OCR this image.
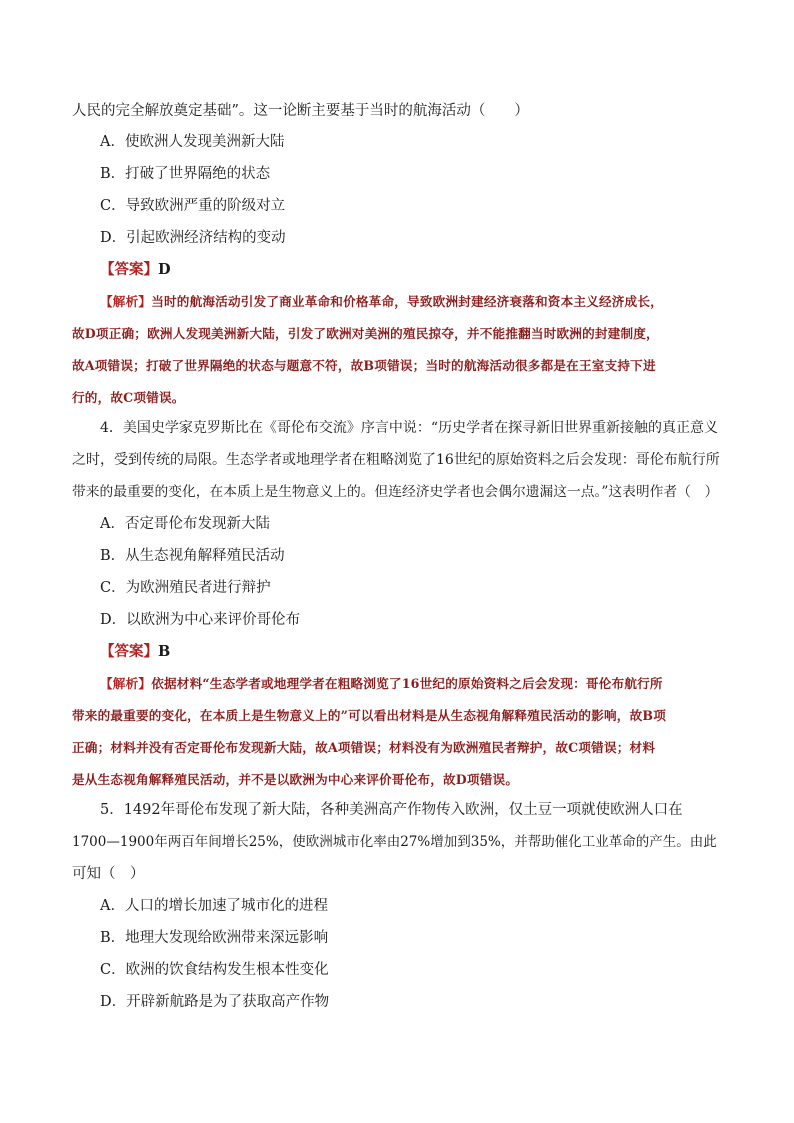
人民的完全解放奠定基础”。这一论断主要基于当时的航海活动（　　）
A．使欧洲人发现美洲新大陆
B．打破了世界隔绝的状态
C．导致欧洲严重的阶级对立
D．引起欧洲经济结构的变动
【答案】D
【解析】当时的航海活动引发了商业革命和价格革命，导致欧洲封建经济衰落和资本主义经济成长，
故D项正确；欧洲人发现美洲新大陆，引发了欧洲对美洲的殖民掠夺，并不能推翻当时欧洲的封建制度，
故A项错误；打破了世界隔绝的状态与题意不符，故B项错误；当时的航海活动很多都是在王室支持下进
行的，故C项错误。
4．美国史学家克罗斯比在《哥伦布交流》序言中说：“历史学者在探寻新旧世界重新接触的真正意义
之时，受到传统的局限。生态学者或地理学者在粗略浏览了16世纪的原始资料之后会发现：哥伦布航行所
带来的最重要的变化，在本质上是生物意义上的。但连经济史学者也会偶尔遗漏这一点。”这表明作者（　）
A．否定哥伦布发现新大陆
B．从生态视角解释殖民活动
C．为欧洲殖民者进行辩护
D．以欧洲为中心来评价哥伦布
【答案】B
【解析】依据材料“生态学者或地理学者在粗略浏览了16世纪的原始资料之后会发现：哥伦布航行所
带来的最重要的变化，在本质上是生物意义上的”可以看出材料是从生态视角解释殖民活动的影响，故B项
正确；材料并没有否定哥伦布发现新大陆，故A项错误；材料没有为欧洲殖民者辩护，故C项错误；材料
是从生态视角解释殖民活动，并不是以欧洲为中心来评价哥伦布，故D项错误。
5．1492年哥伦布发现了新大陆，各种美洲高产作物传入欧洲，仅土豆一项就使欧洲人口在
1700—1900年两百年间增长25%，使欧洲城市化率由27%增加到35%，并帮助催化工业革命的产生。由此
可知（　）
A．人口的增长加速了城市化的进程
B．地理大发现给欧洲带来深远影响
C．欧洲的饮食结构发生根本性变化
D．开辟新航路是为了获取高产作物
